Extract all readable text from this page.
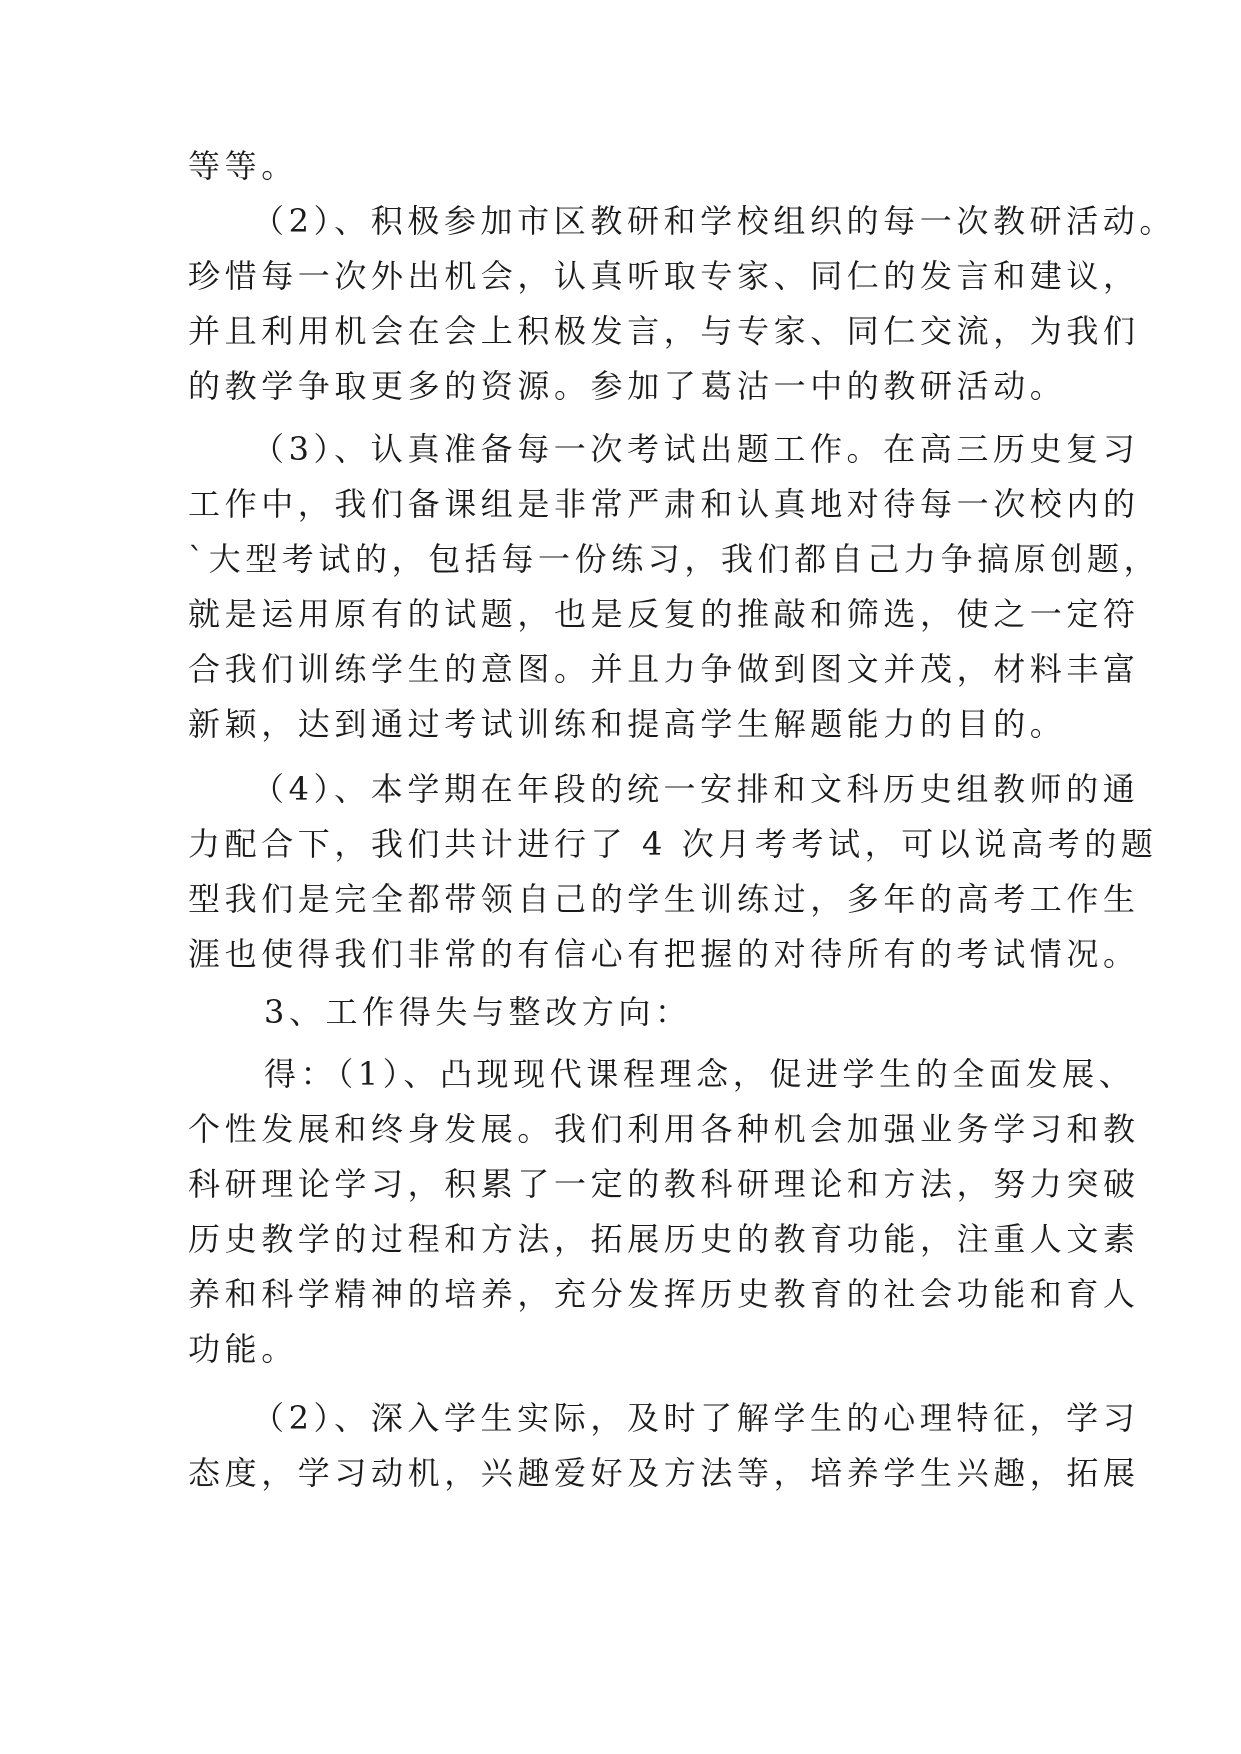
等等。
（2）、积极参加市区教研和学校组织的每一次教研活动。
珍惜每一次外出机会，认真听取专家、同仁的发言和建议，
并且利用机会在会上积极发言，与专家、同仁交流，为我们
的教学争取更多的资源。参加了葛沽一中的教研活动。
（3）、认真准备每一次考试出题工作。在高三历史复习
工作中，我们备课组是非常严肃和认真地对待每一次校内的
`大型考试的，包括每一份练习，我们都自己力争搞原创题，
就是运用原有的试题，也是反复的推敲和筛选，使之一定符
合我们训练学生的意图。并且力争做到图文并茂，材料丰富
新颖，达到通过考试训练和提高学生解题能力的目的。
（4）、本学期在年段的统一安排和文科历史组教师的通
力配合下，我们共计进行了 4 次月考考试，可以说高考的题
型我们是完全都带领自己的学生训练过，多年的高考工作生
涯也使得我们非常的有信心有把握的对待所有的考试情况。
3、工作得失与整改方向：
得：（1）、凸现现代课程理念，促进学生的全面发展、
个性发展和终身发展。我们利用各种机会加强业务学习和教
科研理论学习，积累了一定的教科研理论和方法，努力突破
历史教学的过程和方法，拓展历史的教育功能，注重人文素
养和科学精神的培养，充分发挥历史教育的社会功能和育人
功能。
（2）、深入学生实际，及时了解学生的心理特征，学习
态度，学习动机，兴趣爱好及方法等，培养学生兴趣，拓展
